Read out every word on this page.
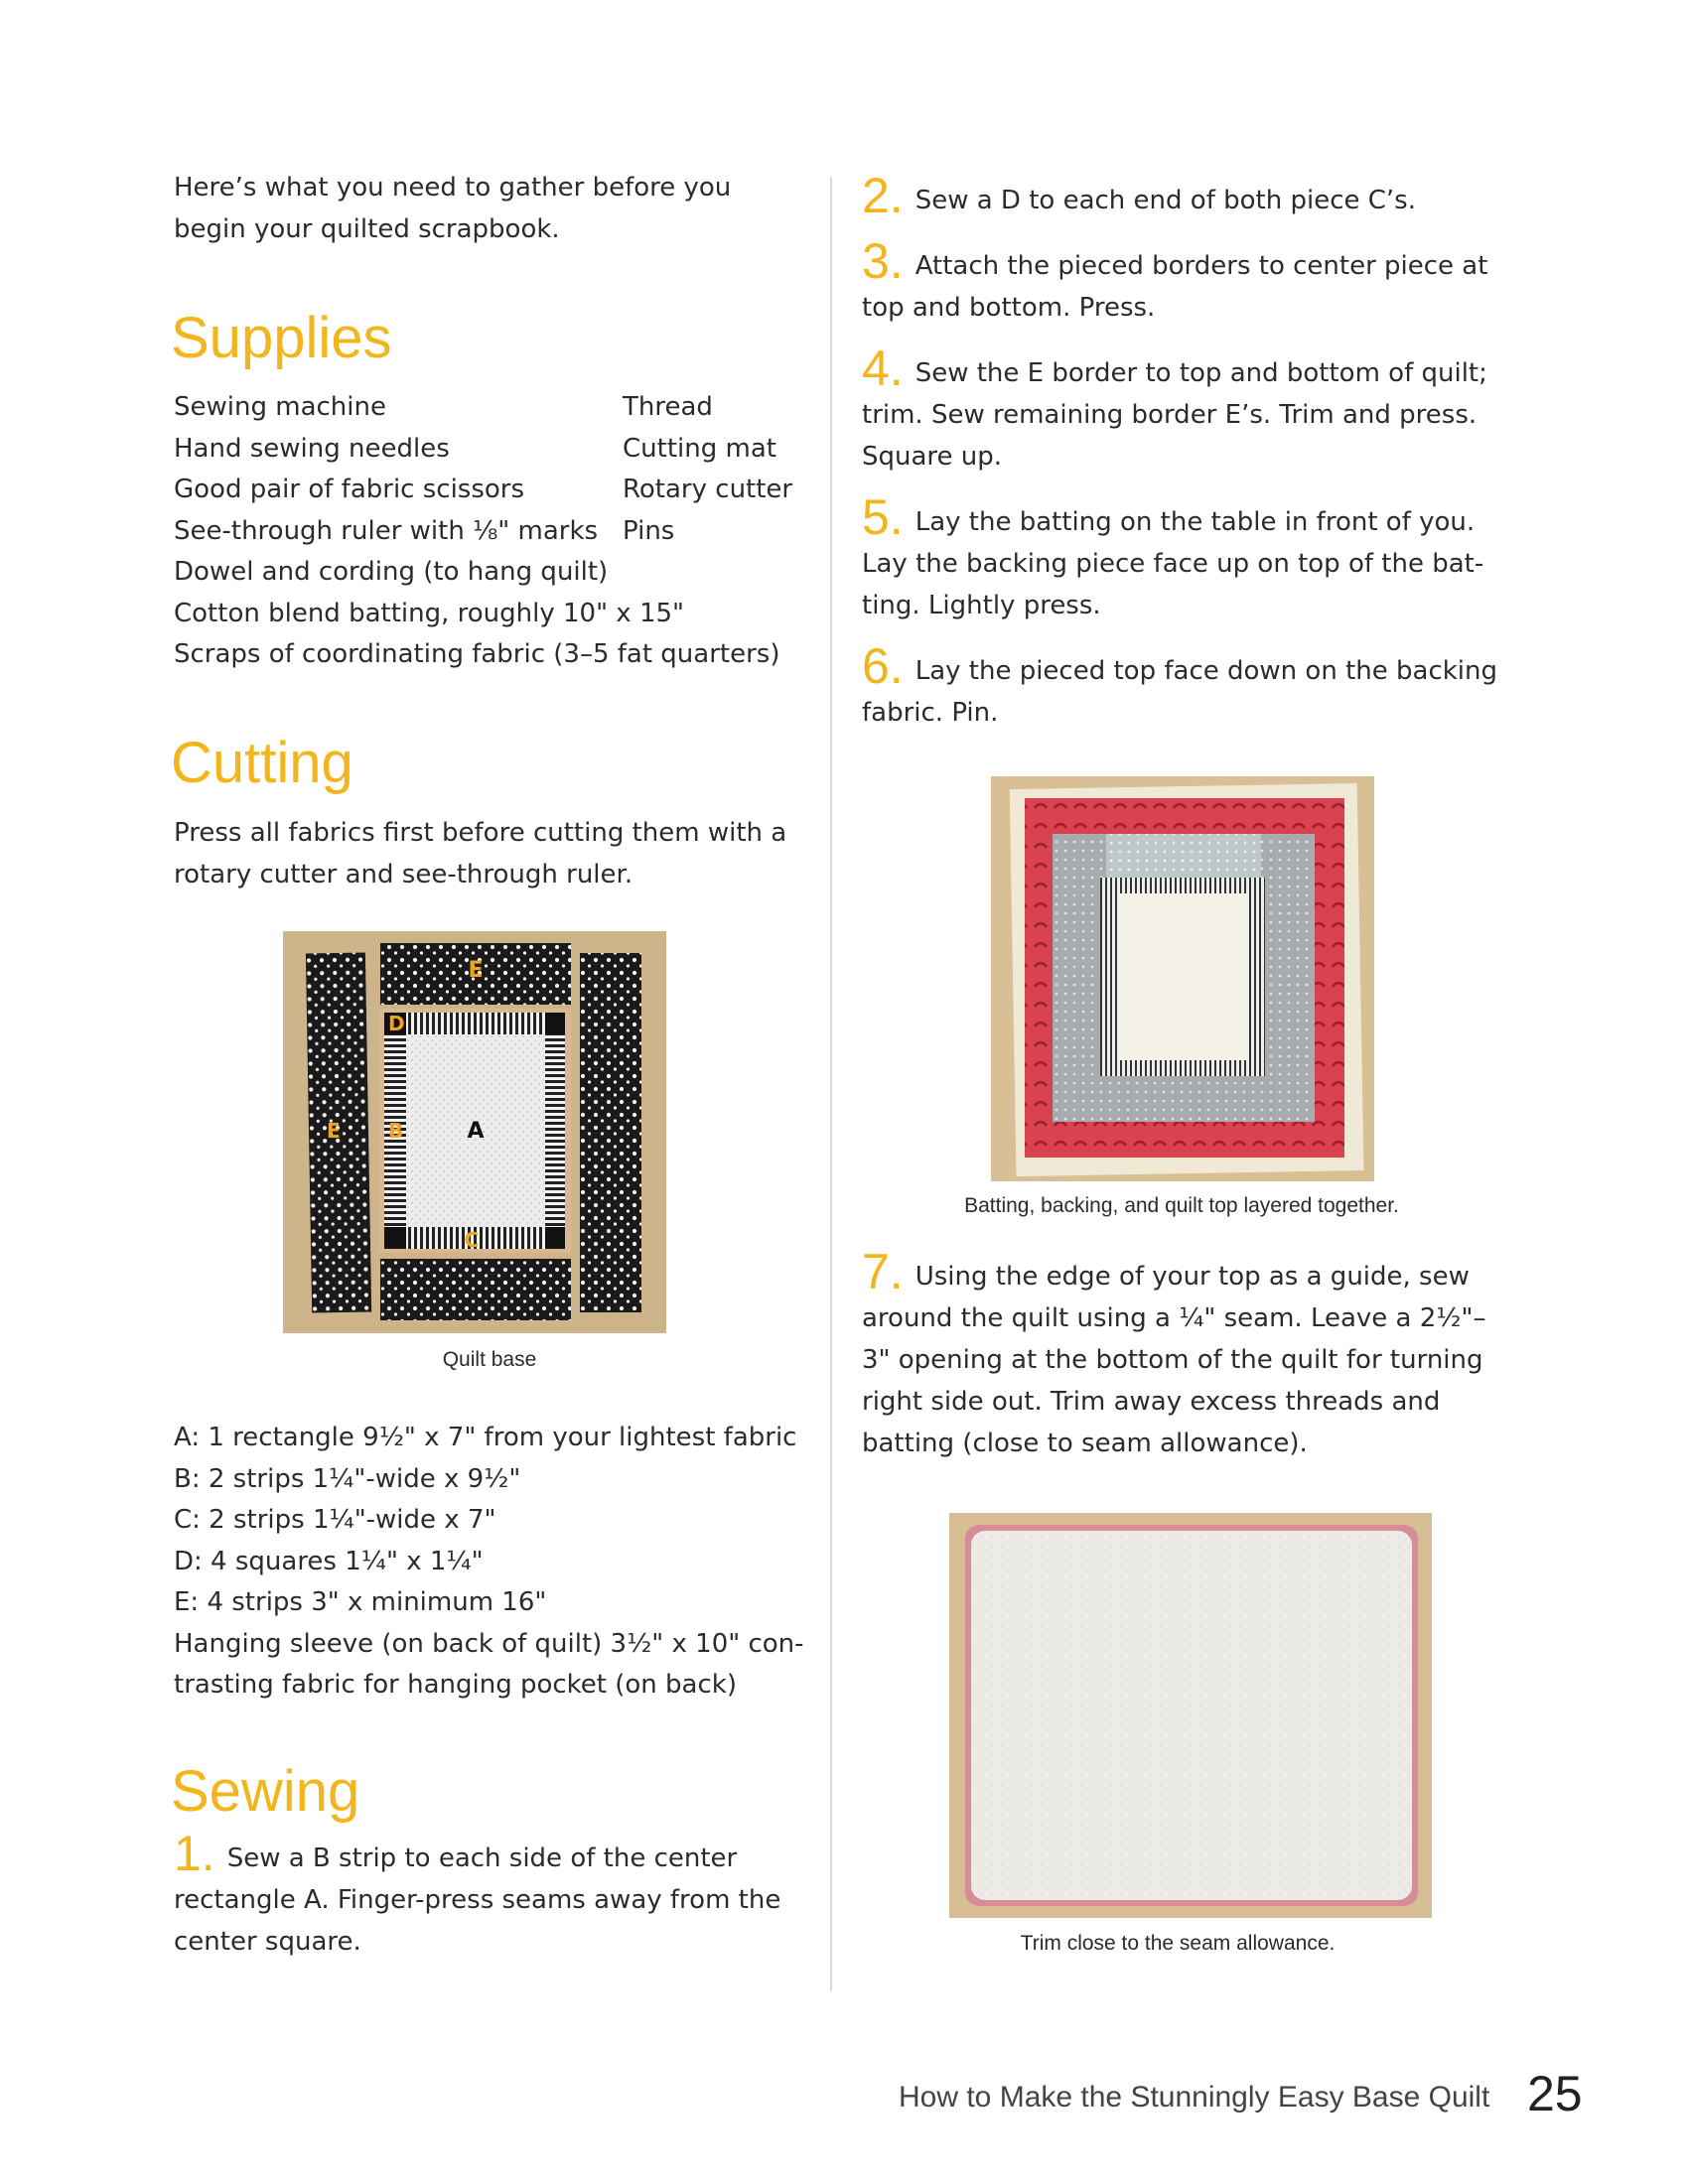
Here’s what you need to gather before you begin your quilted scrapbook.

Supplies
Sewing machine
Hand sewing needles
Good pair of fabric scissors
See-through ruler with ⅛" marks
Dowel and cording (to hang quilt)
Cotton blend batting, roughly 10" x 15"
Scraps of coordinating fabric (3–5 fat quarters)
Thread
Cutting mat
Rotary cutter
Pins
Cutting

Press all fabrics first before cutting them with a rotary cutter and see-through ruler.

E
D
A
B
E
C
Quilt base
A: 1 rectangle 9½" x 7" from your lightest fabric
B: 2 strips 1¼"-wide x 9½"
C: 2 strips 1¼"-wide x 7"
D: 4 squares 1¼" x 1¼"
E: 4 strips 3" x minimum 16"
Hanging sleeve (on back of quilt) 3½" x 10" con-
trasting fabric for hanging pocket (on back)
Sewing

1. Sew a B strip to each side of the center rectangle A. Finger-press seams away from the center square.

2. Sew a D to each end of both piece C’s.

3. Attach the pieced borders to center piece at top and bottom. Press.

4. Sew the E border to top and bottom of quilt; trim. Sew remaining border E’s. Trim and press. Square up.

5. Lay the batting on the table in front of you. Lay the backing piece face up on top of the bat-ting. Lightly press.

6. Lay the pieced top face down on the backing fabric. Pin.

Batting, backing, and quilt top layered together.

7. Using the edge of your top as a guide, sew around the quilt using a ¼" seam. Leave a 2½"–3" opening at the bottom of the quilt for turning right side out. Trim away excess threads and batting (close to seam allowance).

Trim close to the seam allowance.
How to Make the Stunningly Easy Base Quilt 25
